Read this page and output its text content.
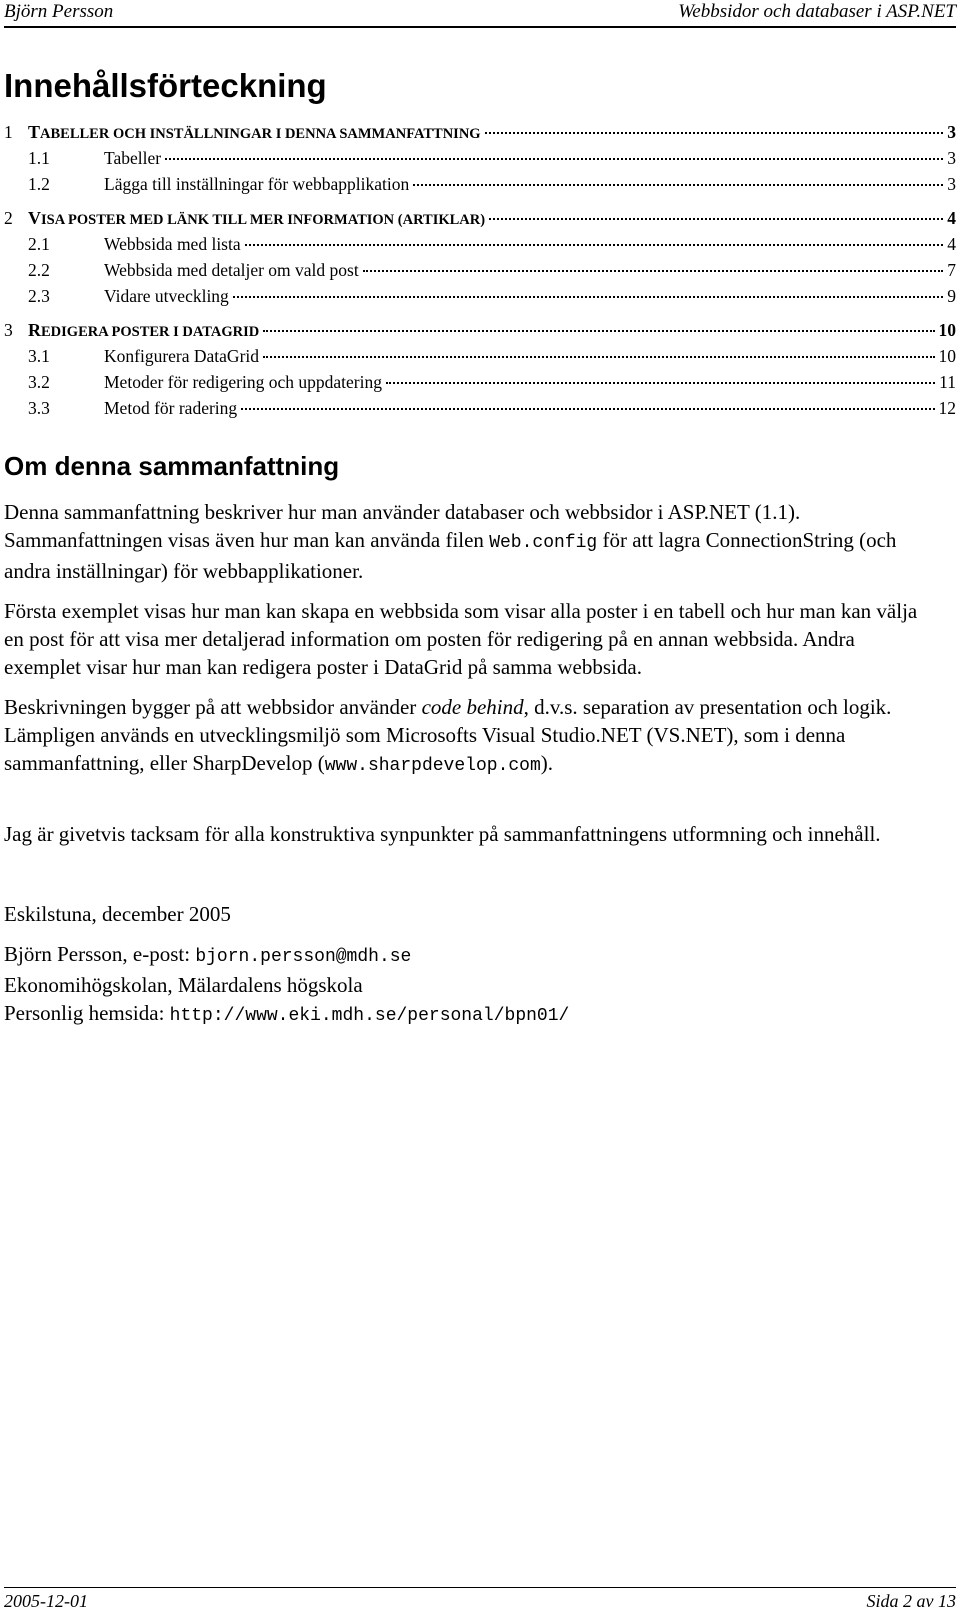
Björn Persson	Webbsidor och databaser i ASP.NET
Innehållsförteckning
1	TABELLER OCH INSTÄLLNINGAR I DENNA SAMMANFATTNING	3
1.1	Tabeller	3
1.2	Lägga till inställningar för webbapplikation	3
2	VISA POSTER MED LÄNK TILL MER INFORMATION (ARTIKLAR)	4
2.1	Webbsida med lista	4
2.2	Webbsida med detaljer om vald post	7
2.3	Vidare utveckling	9
3	REDIGERA POSTER I DATAGRID	10
3.1	Konfigurera DataGrid	10
3.2	Metoder för redigering och uppdatering	11
3.3	Metod för radering	12
Om denna sammanfattning

Denna sammanfattning beskriver hur man använder databaser och webbsidor i ASP.NET (1.1). Sammanfattningen visas även hur man kan använda filen Web.config för att lagra ConnectionString (och andra inställningar) för webbapplikationer.

Första exemplet visas hur man kan skapa en webbsida som visar alla poster i en tabell och hur man kan välja en post för att visa mer detaljerad information om posten för redigering på en annan webbsida. Andra exemplet visar hur man kan redigera poster i DataGrid på samma webbsida.

Beskrivningen bygger på att webbsidor använder code behind, d.v.s. separation av presentation och logik. Lämpligen används en utvecklingsmiljö som Microsofts Visual Studio.NET (VS.NET), som i denna sammanfattning, eller SharpDevelop (www.sharpdevelop.com).

Jag är givetvis tacksam för alla konstruktiva synpunkter på sammanfattningens utformning och innehåll.

Eskilstuna, december 2005

Björn Persson, e-post: bjorn.persson@mdh.se

Ekonomihögskolan, Mälardalens högskola

Personlig hemsida: http://www.eki.mdh.se/personal/bpn01/

2005-12-01	Sida 2 av 13
